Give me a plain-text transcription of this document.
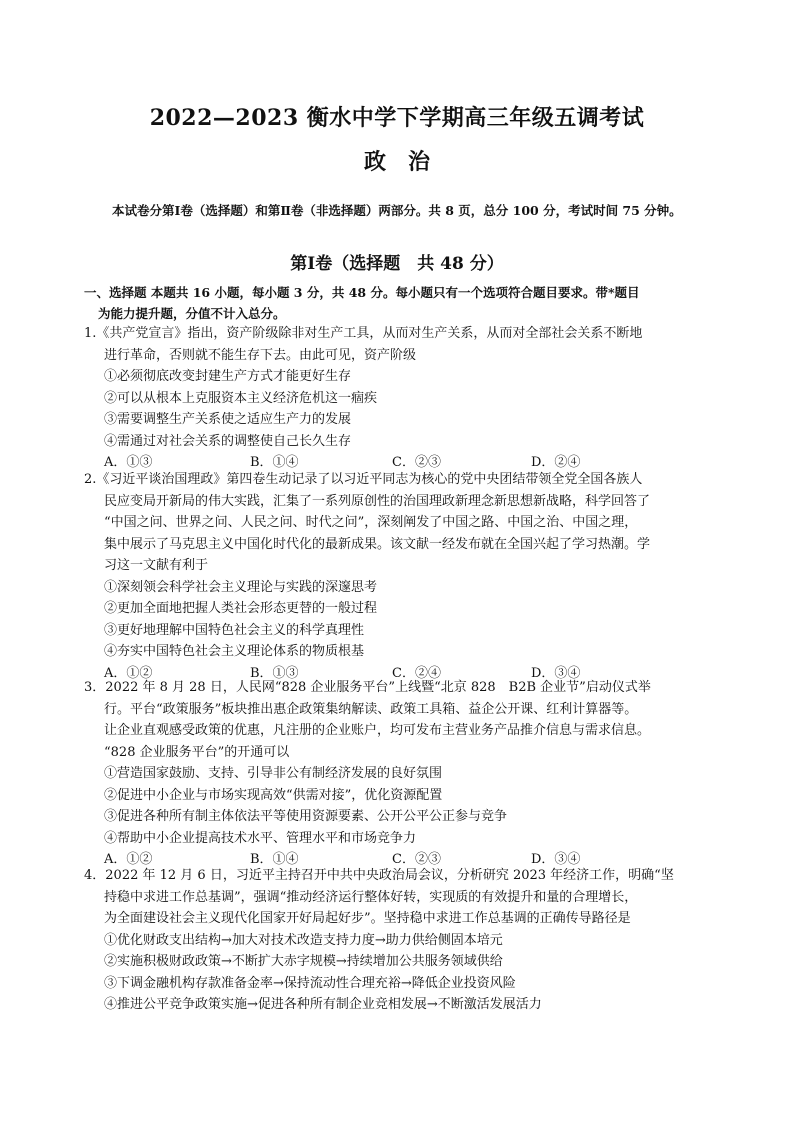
2022—2023 衡水中学下学期高三年级五调考试
政　治
本试卷分第Ⅰ卷（选择题）和第Ⅱ卷（非选择题）两部分。共 8 页，总分 100 分，考试时间 75 分钟。
第Ⅰ卷（选择题　共 48 分）
一、选择题 本题共 16 小题，每小题 3 分，共 48 分。每小题只有一个选项符合题目要求。带*题目
为能力提升题，分值不计入总分。
1.《共产党宣言》指出，资产阶级除非对生产工具，从而对生产关系，从而对全部社会关系不断地
进行革命，否则就不能生存下去。由此可见，资产阶级
①必须彻底改变封建生产方式才能更好生存
②可以从根本上克服资本主义经济危机这一痼疾
③需要调整生产关系使之适应生产力的发展
④需通过对社会关系的调整使自己长久生存
A．①③	B．①④	C．②③	D．②④
2.《习近平谈治国理政》第四卷生动记录了以习近平同志为核心的党中央团结带领全党全国各族人
民应变局开新局的伟大实践，汇集了一系列原创性的治国理政新理念新思想新战略，科学回答了
“中国之问、世界之问、人民之问、时代之问”，深刻阐发了中国之路、中国之治、中国之理，
集中展示了马克思主义中国化时代化的最新成果。该文献一经发布就在全国兴起了学习热潮。学
习这一文献有利于
①深刻领会科学社会主义理论与实践的深邃思考
②更加全面地把握人类社会形态更替的一般过程
③更好地理解中国特色社会主义的科学真理性
④夯实中国特色社会主义理论体系的物质根基
A．①②	B．①③	C．②④	D．③④
3．2022 年 8 月 28 日，人民网“828 企业服务平台”上线暨“北京 828　B2B 企业节”启动仪式举
行。平台“政策服务”板块推出惠企政策集纳解读、政策工具箱、益企公开课、红利计算器等。
让企业直观感受政策的优惠，凡注册的企业账户，均可发布主营业务产品推介信息与需求信息。
“828 企业服务平台”的开通可以
①营造国家鼓励、支持、引导非公有制经济发展的良好氛围
②促进中小企业与市场实现高效“供需对接”，优化资源配置
③促进各种所有制主体依法平等使用资源要素、公开公平公正参与竞争
④帮助中小企业提高技术水平、管理水平和市场竞争力
A．①②	B．①④	C．②③	D．③④
4．2022 年 12 月 6 日，习近平主持召开中共中央政治局会议，分析研究 2023 年经济工作，明确“坚
持稳中求进工作总基调”，强调“推动经济运行整体好转，实现质的有效提升和量的合理增长，
为全面建设社会主义现代化国家开好局起好步”。坚持稳中求进工作总基调的正确传导路径是
①优化财政支出结构→加大对技术改造支持力度→助力供给侧固本培元
②实施积极财政政策→不断扩大赤字规模→持续增加公共服务领域供给
③下调金融机构存款准备金率→保持流动性合理充裕→降低企业投资风险
④推进公平竞争政策实施→促进各种所有制企业竞相发展→不断激活发展活力
